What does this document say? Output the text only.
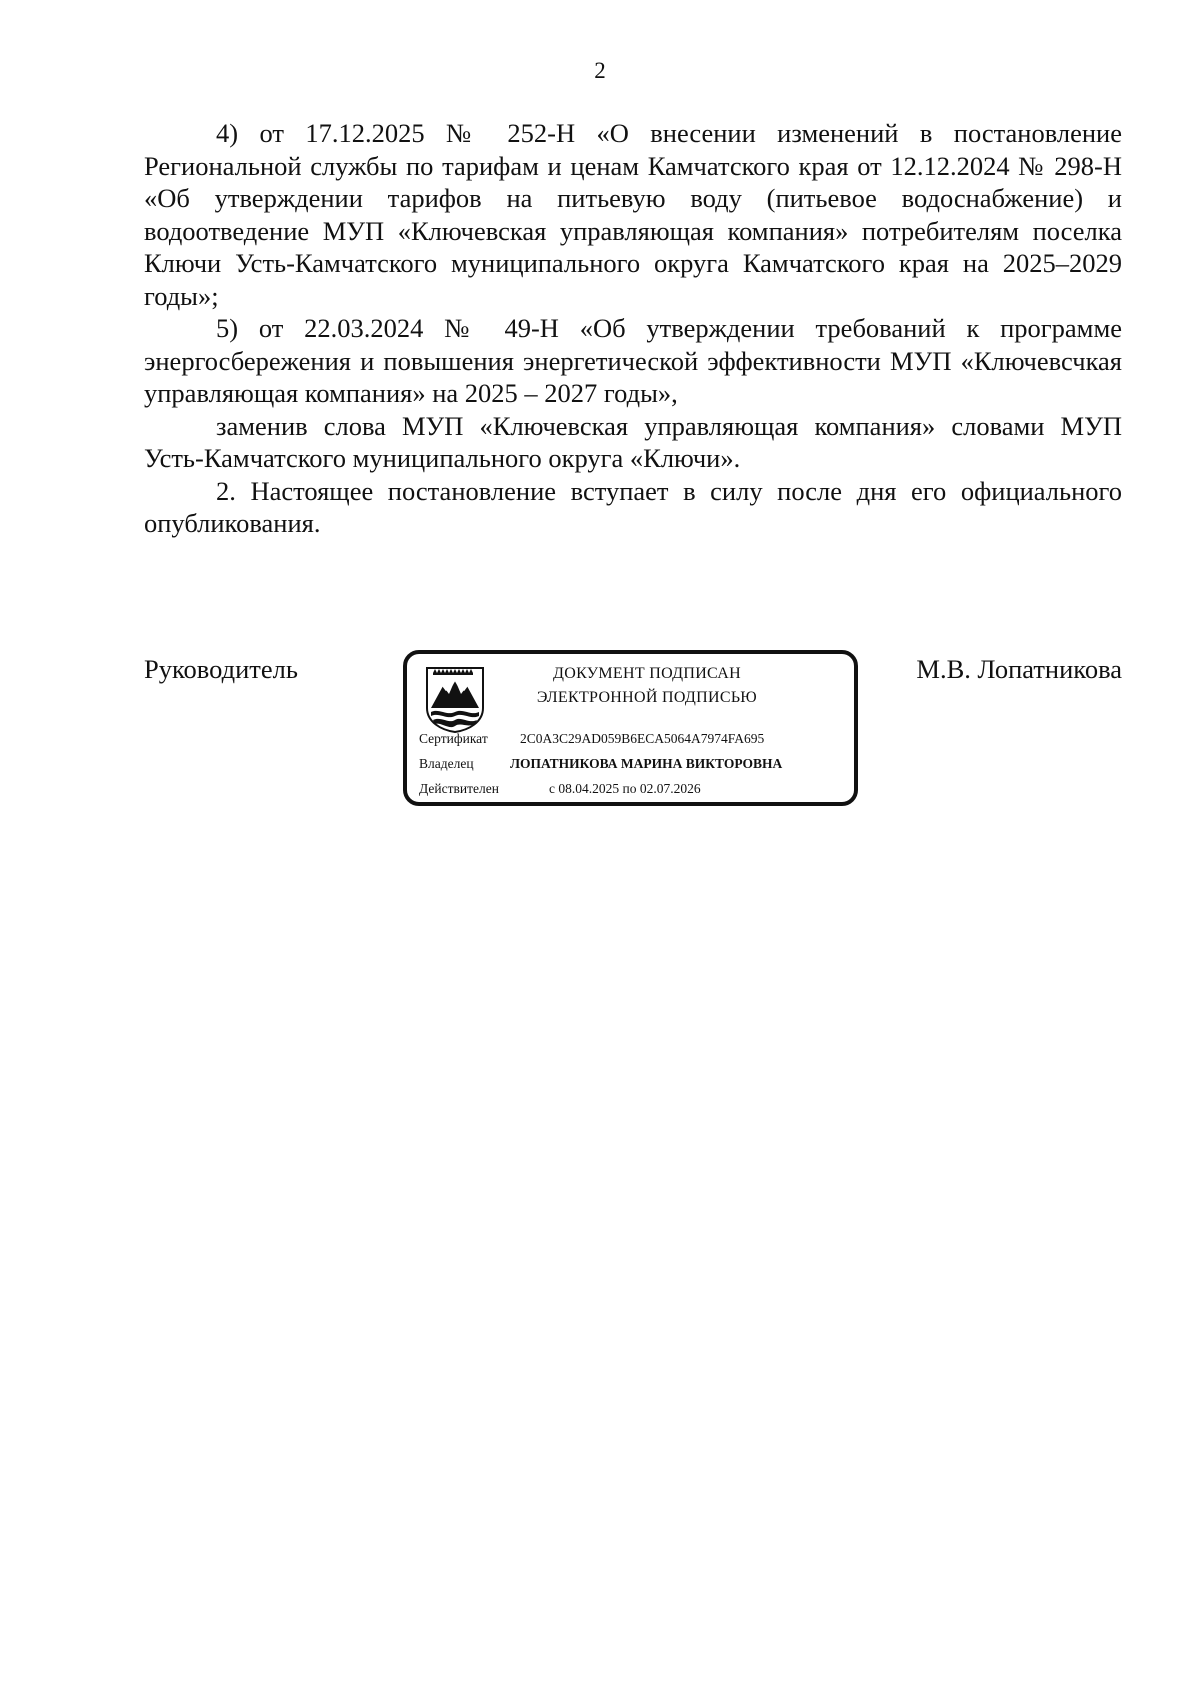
2

4) от 17.12.2025 № 252-Н «О внесении изменений в постановление Региональной службы по тарифам и ценам Камчатского края от 12.12.2024 № 298-Н «Об утверждении тарифов на питьевую воду (питьевое водоснабжение) и водоотведение МУП «Ключевская управляющая компания» потребителям поселка Ключи Усть-Камчатского муниципального округа Камчатского края на 2025–2029 годы»;

5) от 22.03.2024 № 49-Н «Об утверждении требований к программе энергосбережения и повышения энергетической эффективности МУП «Ключевсчкая управляющая компания» на 2025 – 2027 годы»,

заменив слова МУП «Ключевская управляющая компания» словами МУП Усть-Камчатского муниципального округа «Ключи».

2. Настоящее постановление вступает в силу после дня его официального опубликования.

Руководитель	ДОКУМЕНТ ПОДПИСАН
ЭЛЕКТРОННОЙ ПОДПИСЬЮ
Сертификат 2C0A3C29AD059B6ECA5064A7974FA695
Владелец	ЛОПАТНИКОВА МАРИНА ВИКТОРОВНА
Действителен	с 08.04.2025 по 02.07.2026
М.В. Лопатникова
